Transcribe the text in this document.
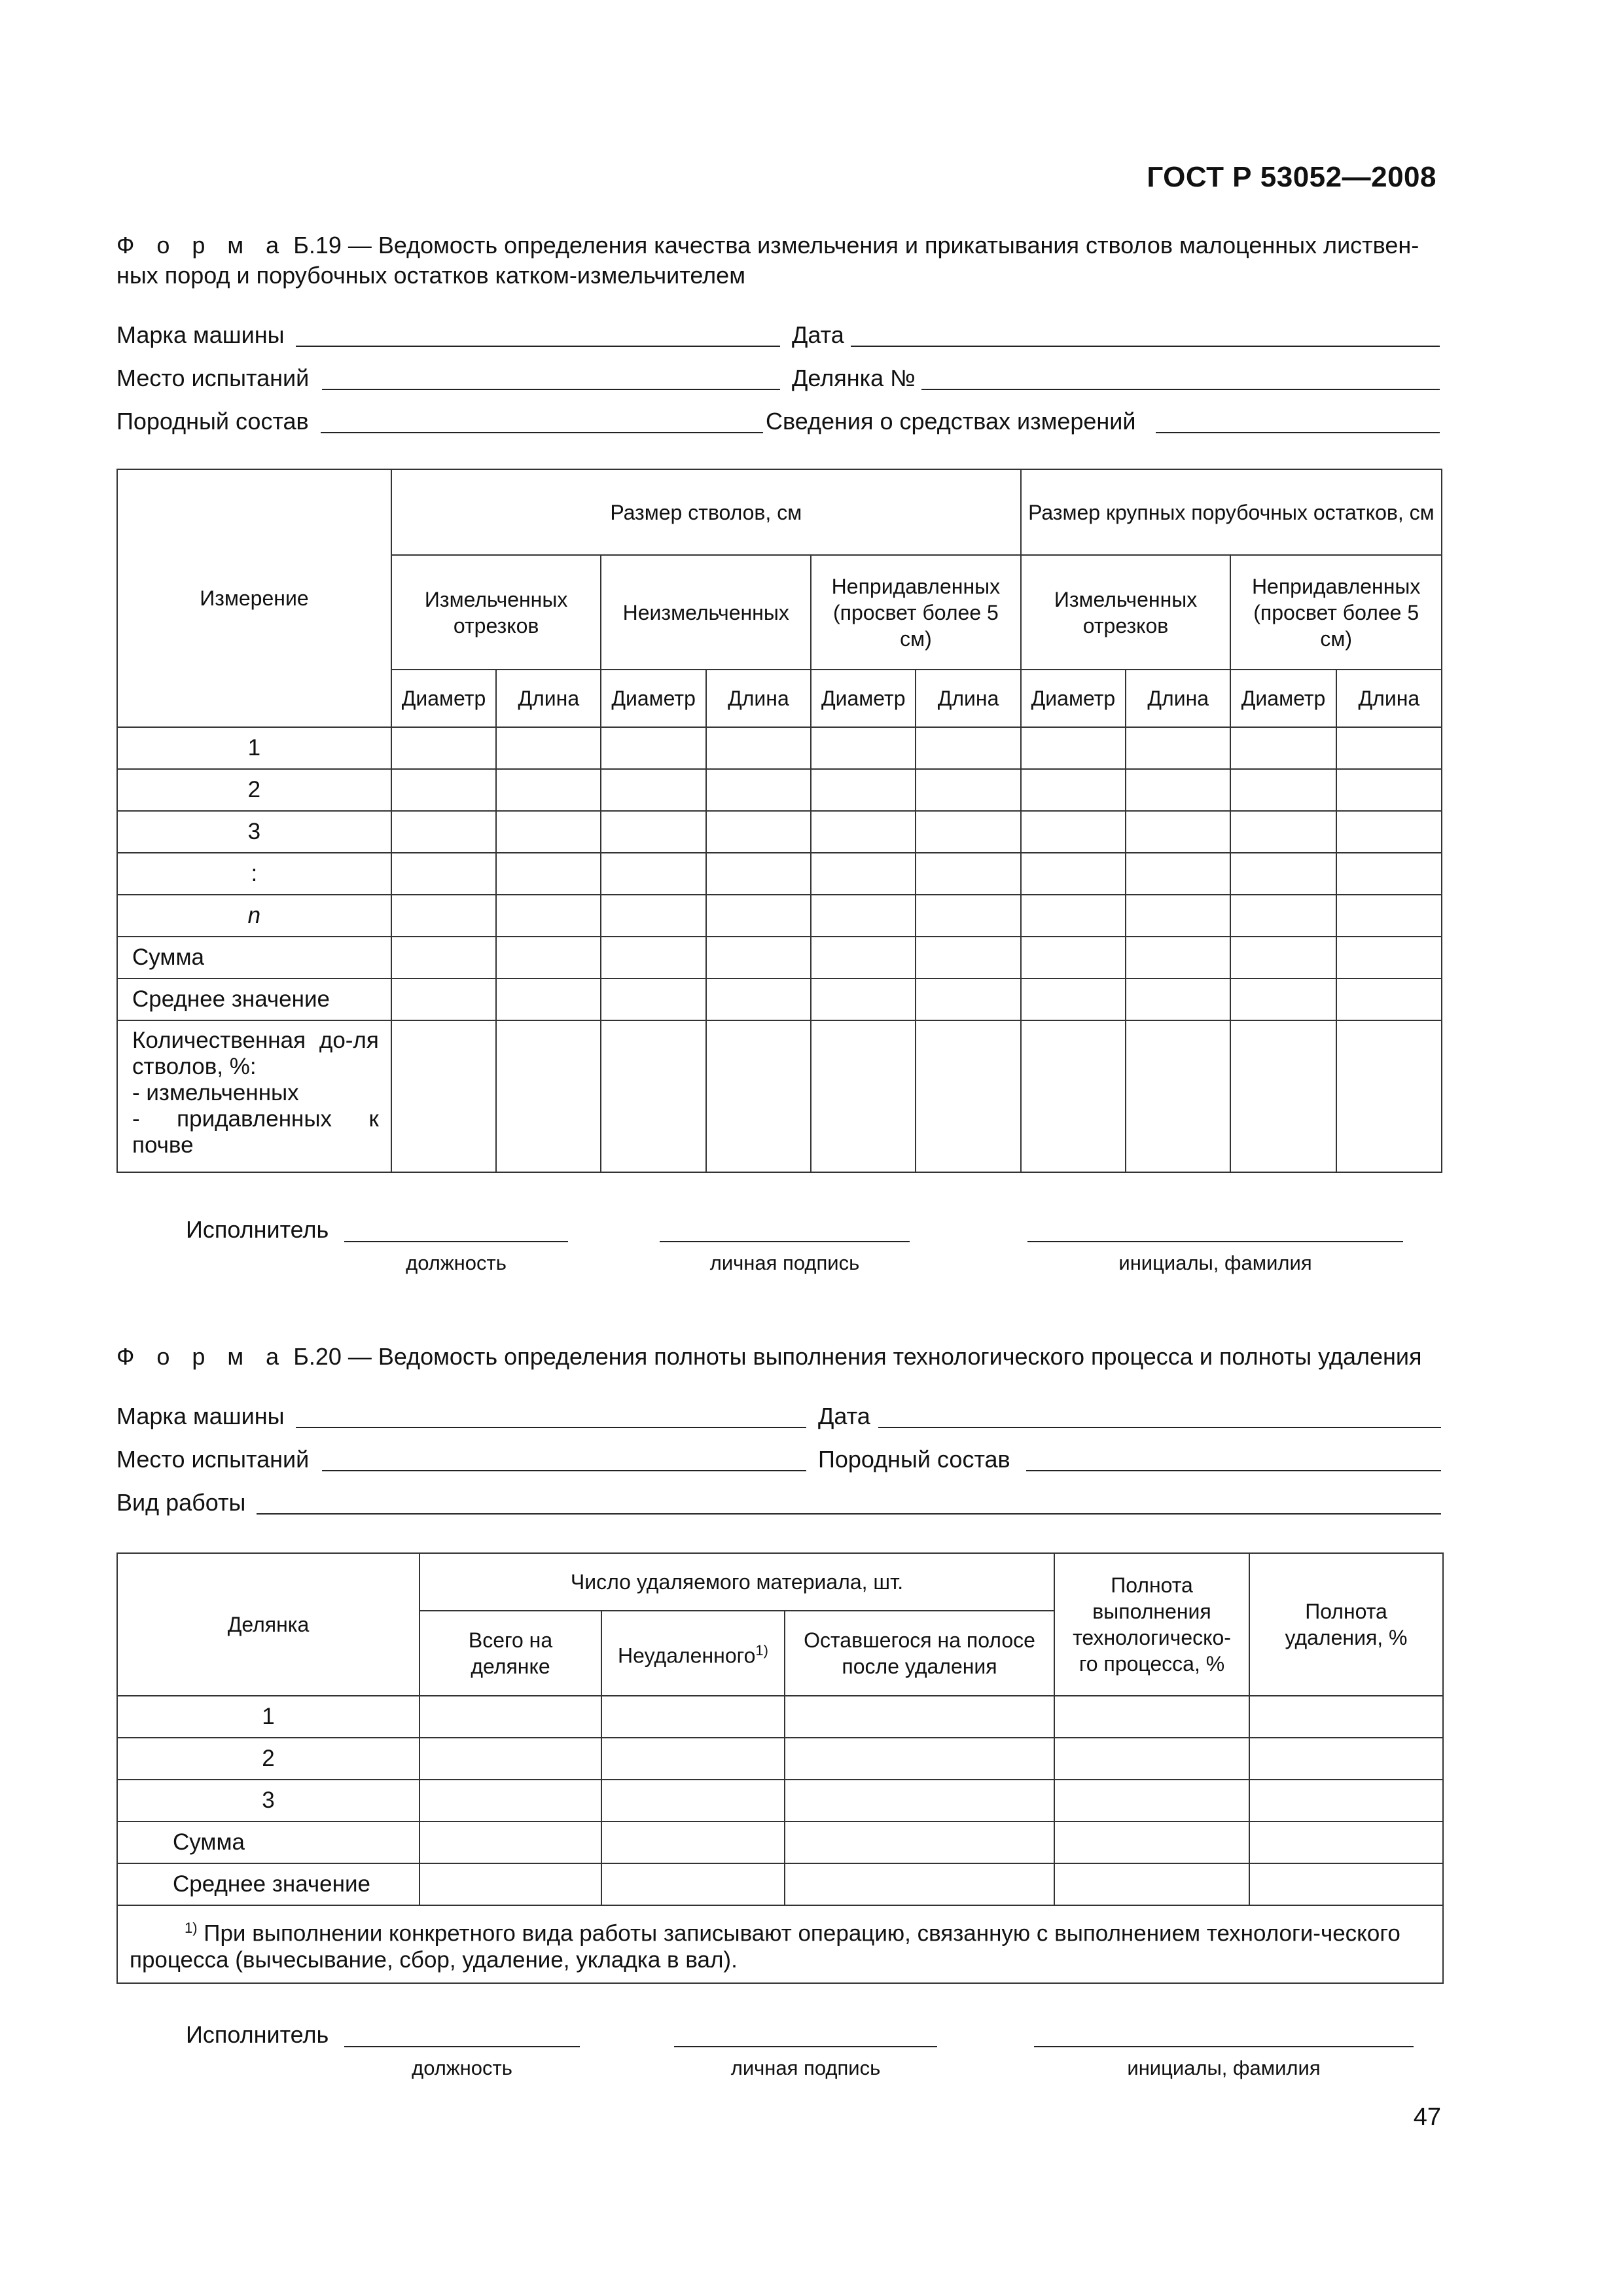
ГОСТ Р 53052—2008
Ф о р м а Б.19 — Ведомость определения качества измельчения и прикатывания стволов малоценных листвен-ных пород и порубочных остатков катком-измельчителем
Марка машины	Дата
Место испытаний	Делянка №
Породный состав	Сведения о средствах измерений
Измерение	Размер стволов, см						Размер крупных порубочных остатков, см			
	Измельченных отрезков		Неизмельченных		Непридавленных (просвет более 5 см)		Измельченных отрезков		Непридавленных (просвет более 5 см)	
	Диаметр	Длина	Диаметр	Длина	Диаметр	Длина	Диаметр	Длина	Диаметр	Длина
1										
2										
3										
:										
n										
Сумма										
Среднее значение										

Количественная до-ля стволов, %:
- измельченных
- придавленных к почве										

Исполнитель
должность	личная подпись	инициалы, фамилия
Ф о р м а Б.20 — Ведомость определения полноты выполнения технологического процесса и полноты удаления
Марка машины	Дата
Место испытаний	Породный состав
Вид работы
Делянка	Число удаляемого материала, шт.			Полнота выполнения технологическо-го процесса, %	Полнота удаления, %
	Всего на делянке	Неудаленного$^{1)}$	Оставшегося на полосе после удаления		
1					
2					
3					
Сумма					
Среднее значение					
$^{1)}$ При выполнении конкретного вида работы записывают операцию, связанную с выполнением технологи-ческого процесса (вычесывание, сбор, удаление, укладка в вал).					
Исполнитель
должность	личная подпись	инициалы, фамилия
47
